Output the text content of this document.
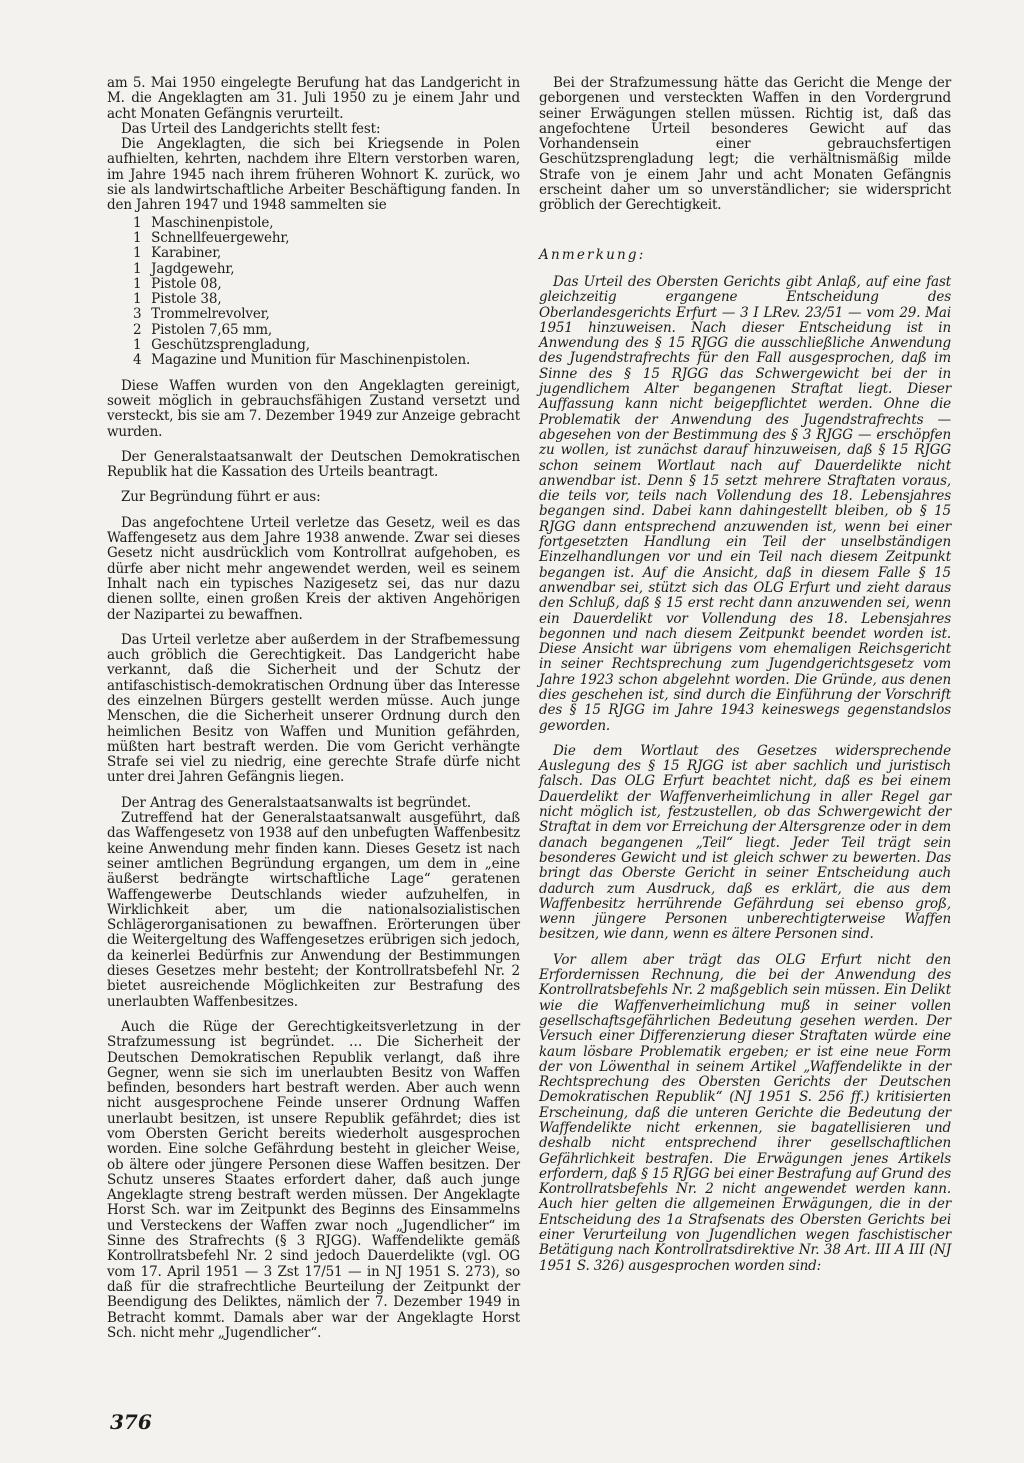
am 5. Mai 1950 eingelegte Berufung hat das Landgericht in M. die Angeklagten am 31. Juli 1950 zu je einem Jahr und acht Monaten Gefängnis verurteilt.

Das Urteil des Landgerichts stellt fest:

Die Angeklagten, die sich bei Kriegsende in Polen aufhielten, kehrten, nachdem ihre Eltern verstorben waren, im Jahre 1945 nach ihrem früheren Wohnort K. zurück, wo sie als landwirtschaftliche Arbeiter Beschäftigung fanden. In den Jahren 1947 und 1948 sammelten sie

1 Maschinenpistole,
1 Schnellfeuergewehr,
1 Karabiner,
1 Jagdgewehr,
1 Pistole 08,
1 Pistole 38,
3 Trommelrevolver,
2 Pistolen 7,65 mm,
1 Geschützsprengladung,
4 Magazine und Munition für Maschinenpistolen.

Diese Waffen wurden von den Angeklagten gereinigt, soweit möglich in gebrauchsfähigen Zustand versetzt und versteckt, bis sie am 7. Dezember 1949 zur Anzeige gebracht wurden.

Der Generalstaatsanwalt der Deutschen Demokratischen Republik hat die Kassation des Urteils beantragt.

Zur Begründung führt er aus:

Das angefochtene Urteil verletze das Gesetz, weil es das Waffengesetz aus dem Jahre 1938 anwende. Zwar sei dieses Gesetz nicht ausdrücklich vom Kontrollrat aufgehoben, es dürfe aber nicht mehr angewendet werden, weil es seinem Inhalt nach ein typisches Nazigesetz sei, das nur dazu dienen sollte, einen großen Kreis der aktiven Angehörigen der Nazipartei zu bewaffnen.

Das Urteil verletze aber außerdem in der Strafbemessung auch gröblich die Gerechtigkeit. Das Landgericht habe verkannt, daß die Sicherheit und der Schutz der antifaschistisch-demokratischen Ordnung über das Interesse des einzelnen Bürgers gestellt werden müsse. Auch junge Menschen, die die Sicherheit unserer Ordnung durch den heimlichen Besitz von Waffen und Munition gefährden, müßten hart bestraft werden. Die vom Gericht verhängte Strafe sei viel zu niedrig, eine gerechte Strafe dürfe nicht unter drei Jahren Gefängnis liegen.

Der Antrag des Generalstaatsanwalts ist begründet.

Zutreffend hat der Generalstaatsanwalt ausgeführt, daß das Waffengesetz von 1938 auf den unbefugten Waffenbesitz keine Anwendung mehr finden kann. Dieses Gesetz ist nach seiner amtlichen Begründung ergangen, um dem in „eine äußerst bedrängte wirtschaftliche Lage“ geratenen Waffengewerbe Deutschlands wieder aufzuhelfen, in Wirklichkeit aber, um die nationalsozialistischen Schlägerorganisationen zu bewaffnen. Erörterungen über die Weitergeltung des Waffengesetzes erübrigen sich jedoch, da keinerlei Bedürfnis zur Anwendung der Bestimmungen dieses Gesetzes mehr besteht; der Kontrollratsbefehl Nr. 2 bietet ausreichende Möglichkeiten zur Bestrafung des unerlaubten Waffenbesitzes.

Auch die Rüge der Gerechtigkeitsverletzung in der Strafzumessung ist begründet. … Die Sicherheit der Deutschen Demokratischen Republik verlangt, daß ihre Gegner, wenn sie sich im unerlaubten Besitz von Waffen befinden, besonders hart bestraft werden. Aber auch wenn nicht ausgesprochene Feinde unserer Ordnung Waffen unerlaubt besitzen, ist unsere Republik gefährdet; dies ist vom Obersten Gericht bereits wiederholt ausgesprochen worden. Eine solche Gefährdung besteht in gleicher Weise, ob ältere oder jüngere Personen diese Waffen besitzen. Der Schutz unseres Staates erfordert daher, daß auch junge Angeklagte streng bestraft werden müssen. Der Angeklagte Horst Sch. war im Zeitpunkt des Beginns des Einsammelns und Versteckens der Waffen zwar noch „Jugendlicher“ im Sinne des Strafrechts (§ 3 RJGG). Waffendelikte gemäß Kontrollratsbefehl Nr. 2 sind jedoch Dauerdelikte (vgl. OG vom 17. April 1951 — 3 Zst 17/51 — in NJ 1951 S. 273), so daß für die strafrechtliche Beurteilung der Zeitpunkt der Beendigung des Deliktes, nämlich der 7. Dezember 1949 in Betracht kommt. Damals aber war der Angeklagte Horst Sch. nicht mehr „Jugendlicher“.

Bei der Strafzumessung hätte das Gericht die Menge der geborgenen und versteckten Waffen in den Vordergrund seiner Erwägungen stellen müssen. Richtig ist, daß das angefochtene Urteil besonderes Gewicht auf das Vorhandensein einer gebrauchsfertigen Geschützsprengladung legt; die verhältnismäßig milde Strafe von je einem Jahr und acht Monaten Gefängnis erscheint daher um so unverständlicher; sie widerspricht gröblich der Gerechtigkeit.

Anmerkung:

Das Urteil des Obersten Gerichts gibt Anlaß, auf eine fast gleichzeitig ergangene Entscheidung des Oberlandesgerichts Erfurt — 3 I LRev. 23/51 — vom 29. Mai 1951 hinzuweisen. Nach dieser Entscheidung ist in Anwendung des § 15 RJGG die ausschließliche Anwendung des Jugendstrafrechts für den Fall ausgesprochen, daß im Sinne des § 15 RJGG das Schwergewicht bei der in jugendlichem Alter begangenen Straftat liegt. Dieser Auffassung kann nicht beigepflichtet werden. Ohne die Problematik der Anwendung des Jugendstrafrechts — abgesehen von der Bestimmung des § 3 RJGG — erschöpfen zu wollen, ist zunächst darauf hinzuweisen, daß § 15 RJGG schon seinem Wortlaut nach auf Dauerdelikte nicht anwendbar ist. Denn § 15 setzt mehrere Straftaten voraus, die teils vor, teils nach Vollendung des 18. Lebensjahres begangen sind. Dabei kann dahingestellt bleiben, ob § 15 RJGG dann entsprechend anzuwenden ist, wenn bei einer fortgesetzten Handlung ein Teil der unselbständigen Einzelhandlungen vor und ein Teil nach diesem Zeitpunkt begangen ist. Auf die Ansicht, daß in diesem Falle § 15 anwendbar sei, stützt sich das OLG Erfurt und zieht daraus den Schluß, daß § 15 erst recht dann anzuwenden sei, wenn ein Dauerdelikt vor Vollendung des 18. Lebensjahres begonnen und nach diesem Zeitpunkt beendet worden ist. Diese Ansicht war übrigens vom ehemaligen Reichsgericht in seiner Rechtsprechung zum Jugendgerichtsgesetz vom Jahre 1923 schon abgelehnt worden. Die Gründe, aus denen dies geschehen ist, sind durch die Einführung der Vorschrift des § 15 RJGG im Jahre 1943 keineswegs gegenstandslos geworden.

Die dem Wortlaut des Gesetzes widersprechende Auslegung des § 15 RJGG ist aber sachlich und juristisch falsch. Das OLG Erfurt beachtet nicht, daß es bei einem Dauerdelikt der Waffenverheimlichung in aller Regel gar nicht möglich ist, festzustellen, ob das Schwergewicht der Straftat in dem vor Erreichung der Altersgrenze oder in dem danach begangenen „Teil“ liegt. Jeder Teil trägt sein besonderes Gewicht und ist gleich schwer zu bewerten. Das bringt das Oberste Gericht in seiner Entscheidung auch dadurch zum Ausdruck, daß es erklärt, die aus dem Waffenbesitz herrührende Gefährdung sei ebenso groß, wenn jüngere Personen unberechtigterweise Waffen besitzen, wie dann, wenn es ältere Personen sind.

Vor allem aber trägt das OLG Erfurt nicht den Erfordernissen Rechnung, die bei der Anwendung des Kontrollratsbefehls Nr. 2 maßgeblich sein müssen. Ein Delikt wie die Waffenverheimlichung muß in seiner vollen gesellschaftsgefährlichen Bedeutung gesehen werden. Der Versuch einer Differenzierung dieser Straftaten würde eine kaum lösbare Problematik ergeben; er ist eine neue Form der von Löwenthal in seinem Artikel „Waffendelikte in der Rechtsprechung des Obersten Gerichts der Deutschen Demokratischen Republik“ (NJ 1951 S. 256 ff.) kritisierten Erscheinung, daß die unteren Gerichte die Bedeutung der Waffendelikte nicht erkennen, sie bagatellisieren und deshalb nicht entsprechend ihrer gesellschaftlichen Gefährlichkeit bestrafen. Die Erwägungen jenes Artikels erfordern, daß § 15 RJGG bei einer Bestrafung auf Grund des Kontrollratsbefehls Nr. 2 nicht angewendet werden kann. Auch hier gelten die allgemeinen Erwägungen, die in der Entscheidung des 1a Strafsenats des Obersten Gerichts bei einer Verurteilung von Jugendlichen wegen faschistischer Betätigung nach Kontrollratsdirektive Nr. 38 Art. III A III (NJ 1951 S. 326) ausgesprochen worden sind:

376
